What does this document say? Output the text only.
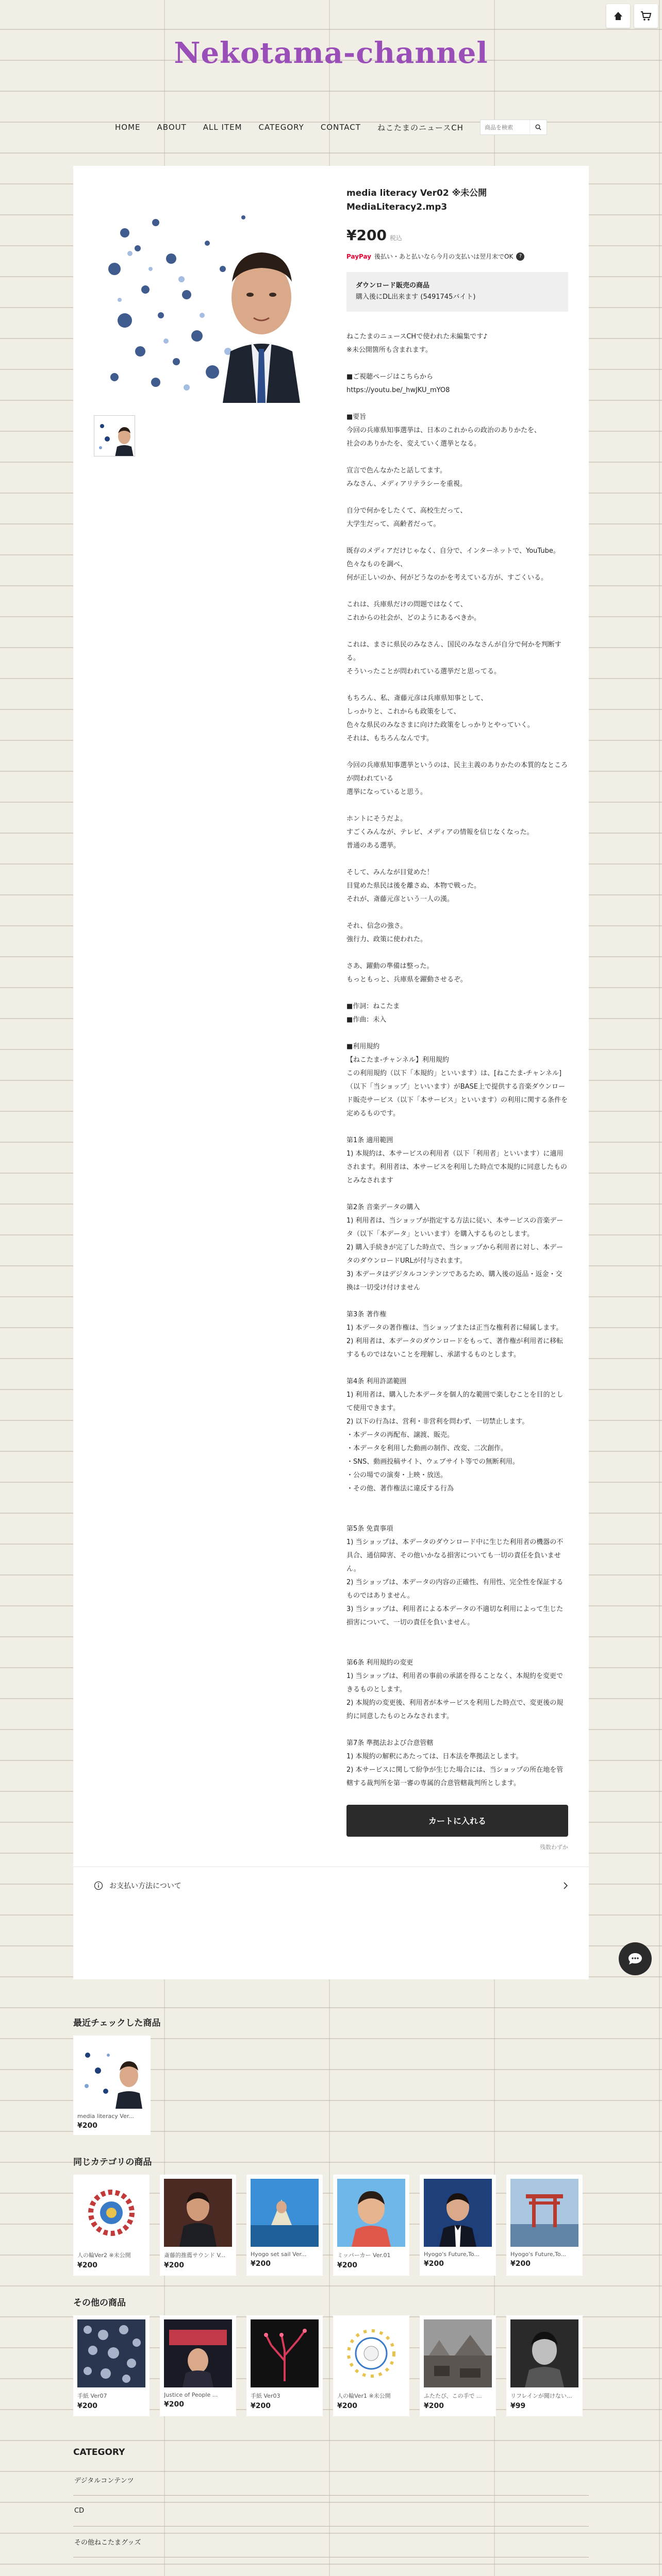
Nekotama-channel
HOME ABOUT ALL ITEM CATEGORY CONTACT ねこたまのニュースCH
商品を検索
media literacy Ver02 ※未公開 MediaLiteracy2.mp3
¥200 税込
PayPay 後払い・あと払いなら今月の支払いは翌月末でOK	?
ダウンロード販売の商品
購入後にDL出来ます (5491745バイト)
ねこたまのニュースCHで使われた未編集です♪
※未公開箇所も含まれます。

■ご視聴ページはこちらから
https://youtu.be/_hwJKU_mYO8

■要旨
今回の兵庫県知事選挙は、日本のこれからの政治のありかたを、
社会のありかたを、変えていく選挙となる。

宣言で色んなかたと話してます。
みなさん、メディアリテラシーを重視。

自分で何かをしたくて、高校生だって、
大学生だって、高齢者だって。

既存のメディアだけじゃなく、自分で、インターネットで、YouTube。
色々なものを調べ、
何が正しいのか、何がどうなのかを考えている方が、すごくいる。

これは、兵庫県だけの問題ではなくて、
これからの社会が、どのようにあるべきか。

これは、まさに県民のみなさん、国民のみなさんが自分で何かを判断する。
そういったことが問われている選挙だと思ってる。

もちろん、私、斎藤元彦は兵庫県知事として、
しっかりと、これからも政策をして、
色々な県民のみなさまに向けた政策をしっかりとやっていく。
それは、もちろんなんです。

今回の兵庫県知事選挙というのは、民主主義のありかたの本質的なところが問われている
選挙になっていると思う。

ホントにそうだよ。
すごくみんなが、テレビ、メディアの情報を信じなくなった。
普通のある選挙。

そして、みんなが目覚めた！
目覚めた県民は後を離さぬ、本物で戦った。
それが、斎藤元彦という一人の漢。

それ、信念の強さ。
強行力、政策に使われた。

さあ、躍動の準備は整った。
もっともっと、兵庫県を躍動させるぞ。

■作詞：ねこたま
■作曲：未入

■利用規約
【ねこたま-チャンネル】利用規約
この利用規約（以下「本規約」といいます）は、[ねこたま-チャンネル]（以下「当ショップ」といいます）がBASE上で提供する音楽ダウンロード販売サービス（以下「本サービス」といいます）の利用に関する条件を定めるものです。

第1条 適用範囲
1) 本規約は、本サービスの利用者（以下「利用者」といいます）に適用されます。利用者は、本サービスを利用した時点で本規約に同意したものとみなされます

第2条 音楽データの購入
1) 利用者は、当ショップが指定する方法に従い、本サービスの音楽データ（以下「本データ」といいます）を購入するものとします。
2) 購入手続きが完了した時点で、当ショップから利用者に対し、本データのダウンロードURLが付与されます。
3) 本データはデジタルコンテンツであるため、購入後の返品・返金・交換は一切受け付けません

第3条 著作権
1) 本データの著作権は、当ショップまたは正当な権利者に帰属します。
2) 利用者は、本データのダウンロードをもって、著作権が利用者に移転するものではないことを理解し、承諾するものとします。

第4条 利用許諾範囲
1) 利用者は、購入した本データを個人的な範囲で楽しむことを目的として使用できます。
2) 以下の行為は、営利・非営利を問わず、一切禁止します。
・本データの再配布、譲渡、販売。
・本データを利用した動画の制作、改変、二次創作。
・SNS、動画投稿サイト、ウェブサイト等での無断利用。
・公の場での演奏・上映・放送。
・その他、著作権法に違反する行為

第5条 免責事項
1) 当ショップは、本データのダウンロード中に生じた利用者の機器の不具合、通信障害、その他いかなる損害についても一切の責任を負いません。
2) 当ショップは、本データの内容の正確性、有用性、完全性を保証するものではありません。
3) 当ショップは、利用者による本データの不適切な利用によって生じた損害について、一切の責任を負いません。

第6条 利用規約の変更
1) 当ショップは、利用者の事前の承諾を得ることなく、本規約を変更できるものとします。
2) 本規約の変更後、利用者が本サービスを利用した時点で、変更後の規約に同意したものとみなされます。

第7条 準拠法および合意管轄
1) 本規約の解釈にあたっては、日本法を準拠法とします。
2) 本サービスに関して紛争が生じた場合には、当ショップの所在地を管轄する裁判所を第一審の専属的合意管轄裁判所とします。
カートに入れる
残数わずか
お支払い方法について
最近チェックした商品
media literacy Ver...
¥200
同じカテゴリの商品
人の輪Ver2 ※未公開
¥200
斎藤的推薦サウンド V...
¥200
Hyogo set sail Ver...
¥200
ミッパーカー Ver.01
¥200
Hyogo's Future,To...
¥200
Hyogo's Future,To...
¥200
その他の商品
手紙 Ver07
¥200
Justice of People ...
¥200
手紙 Ver03
¥200
人の輪Ver1 ※未公開
¥200
ふたたび、この手で ...
¥200
リフレインが聞けない...
¥99
CATEGORY
デジタルコンテンツ
CD
その他ねこたまグッズ
